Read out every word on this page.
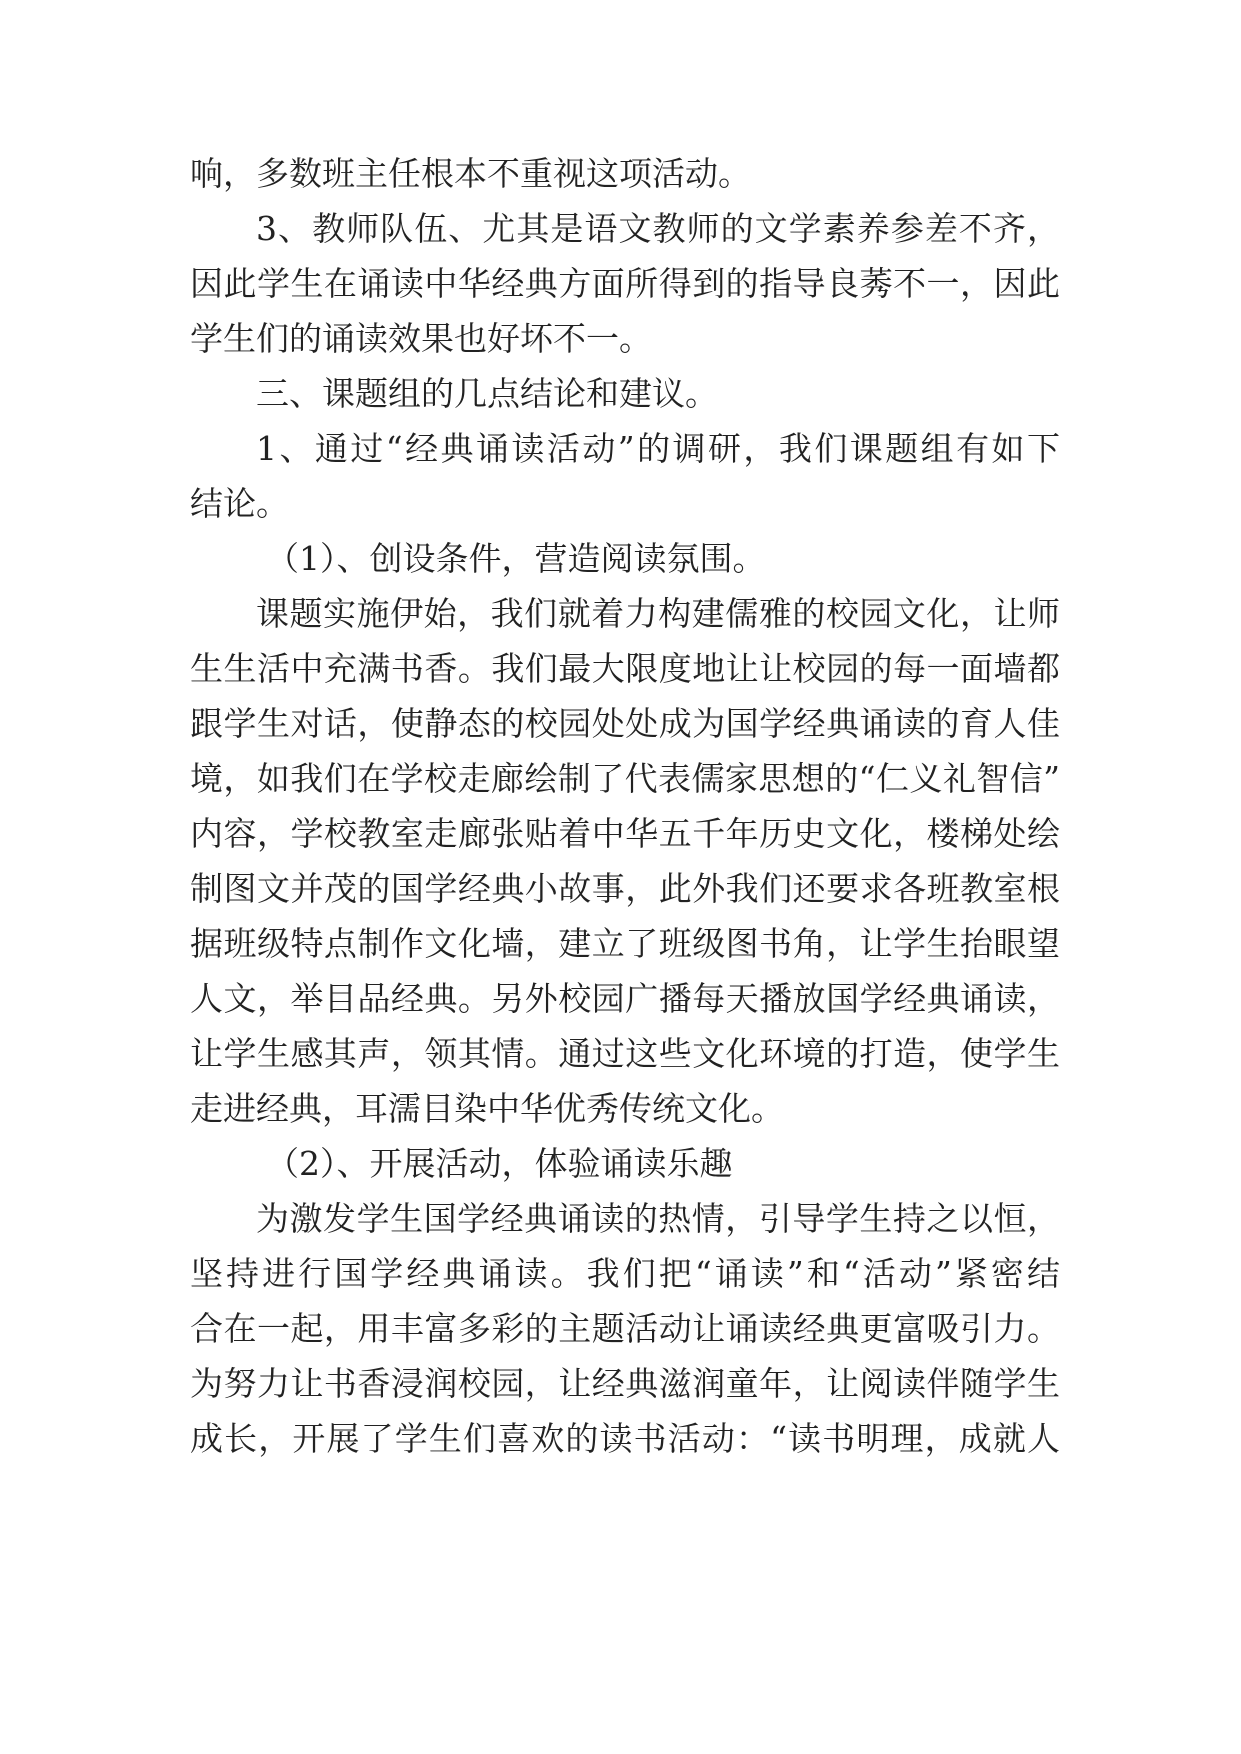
响，多数班主任根本不重视这项活动。
3、教师队伍、尤其是语文教师的文学素养参差不齐，
因此学生在诵读中华经典方面所得到的指导良莠不一，因此
学生们的诵读效果也好坏不一。
三、课题组的几点结论和建议。
1、通过“经典诵读活动”的调研，我们课题组有如下
结论。
（1）、创设条件，营造阅读氛围。
课题实施伊始，我们就着力构建儒雅的校园文化，让师
生生活中充满书香。我们最大限度地让让校园的每一面墙都
跟学生对话，使静态的校园处处成为国学经典诵读的育人佳
境，如我们在学校走廊绘制了代表儒家思想的“仁义礼智信”
内容，学校教室走廊张贴着中华五千年历史文化，楼梯处绘
制图文并茂的国学经典小故事，此外我们还要求各班教室根
据班级特点制作文化墙，建立了班级图书角，让学生抬眼望
人文，举目品经典。另外校园广播每天播放国学经典诵读，
让学生感其声，领其情。通过这些文化环境的打造，使学生
走进经典，耳濡目染中华优秀传统文化。
（2）、开展活动，体验诵读乐趣
为激发学生国学经典诵读的热情，引导学生持之以恒，
坚持进行国学经典诵读。我们把“诵读”和“活动”紧密结
合在一起，用丰富多彩的主题活动让诵读经典更富吸引力。
为努力让书香浸润校园，让经典滋润童年，让阅读伴随学生
成长，开展了学生们喜欢的读书活动：“读书明理，成就人
